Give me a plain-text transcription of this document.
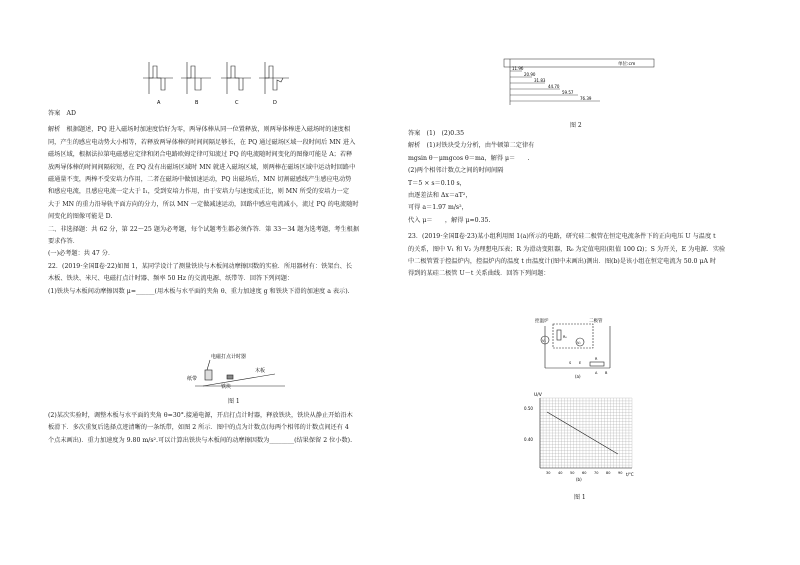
A	B	C	D

答案　AD

解析　根据题述，PQ 进入磁场时加速度恰好为零，两导体棒从同一位置释放，则两导体棒进入磁场时的速度相

同，产生的感应电动势大小相等，若释放两导体棒的时间间隔足够长，在 PQ 通过磁场区域一段时间后 MN 进入

磁场区域，根据法拉第电磁感应定律和闭合电路欧姆定律可知流过 PQ 的电流随时间变化的图像可能是 A；若释

放两导体棒的时间间隔较短，在 PQ 没有出磁场区域时 MN 就进入磁场区域，则两棒在磁场区域中运动时回路中

磁通量不变，两棒不受安培力作用，二者在磁场中做加速运动，PQ 出磁场后，MN 切割磁感线产生感应电动势

和感应电流，且感应电流一定大于 I₁，受到安培力作用，由于安培力与速度成正比，则 MN 所受的安培力一定

大于 MN 的重力沿导轨平面方向的分力，所以 MN 一定做减速运动，回路中感应电流减小，流过 PQ 的电流随时

间变化的图像可能是 D.

二、非选择题：共 62 分，第 22～25 题为必考题，每个试题考生都必须作答．第 33～34 题为选考题，考生根据

要求作答．

(一)必考题：共 47 分．

22．(2019·全国Ⅱ卷·22)如图 1，某同学设计了测量铁块与木板间动摩擦因数的实验．所用器材有：铁架台、长

木板、铁块、米尺、电磁打点计时器、频率 50 Hz 的交流电源、纸带等．回答下列问题：

(1)铁块与木板间动摩擦因数 μ=______(用木板与水平面的夹角 θ、重力加速度 g 和铁块下滑的加速度 a 表示).

电磁打点计时器
木板
纸带
铁块
图 1

(2)某次实验时，调整木板与水平面的夹角 θ=30°.接通电源，开启打点计时器，释放铁块，铁块从静止开始沿木

板滑下．多次重复后选择点迹清晰的一条纸带，如图 2 所示．图中的点为计数点(每两个相邻的计数点间还有 4

个点未画出)．重力加速度为 9.80 m/s².可以计算出铁块与木板间的动摩擦因数为________(结果保留 2 位小数).

单位:cm
11.96
20.90
31.83
44.70
59.57
76.39
图 2

答案　(1)　(2)0.35

解析　(1)对铁块受力分析，由牛顿第二定律有

mgsin θ－μmgcos θ＝ma，解得 μ＝　　.

(2)两个相邻计数点之间的时间间隔

T＝5 × s＝0.10 s，

由逐差法和 Δx＝aT²，

可得 a＝1.97 m/s²，

代入 μ＝　　，解得 μ≈0.35.

23．(2019·全国Ⅱ卷·23)某小组利用图 1(a)所示的电路，研究硅二极管在恒定电流条件下的正向电压 U 与温度 t

的关系，图中 V₁ 和 V₂ 为理想电压表；R 为滑动变阻器，R₀ 为定值电阻(阻值 100 Ω)；S 为开关，E 为电源．实验

中二极管置于控温炉内，控温炉内的温度 t 由温度计(图中未画出)测出．图(b)是该小组在恒定电流为 50.0 μA 时

得到的某硅二极管 U－t 关系曲线．回答下列问题：

控温炉	二极管
V₁	V₂
R₀
S E
R
A B
(a)
U/V
t/°C
0.50
0.40
30 40 50 60 70 80 90
(b)
图 1
